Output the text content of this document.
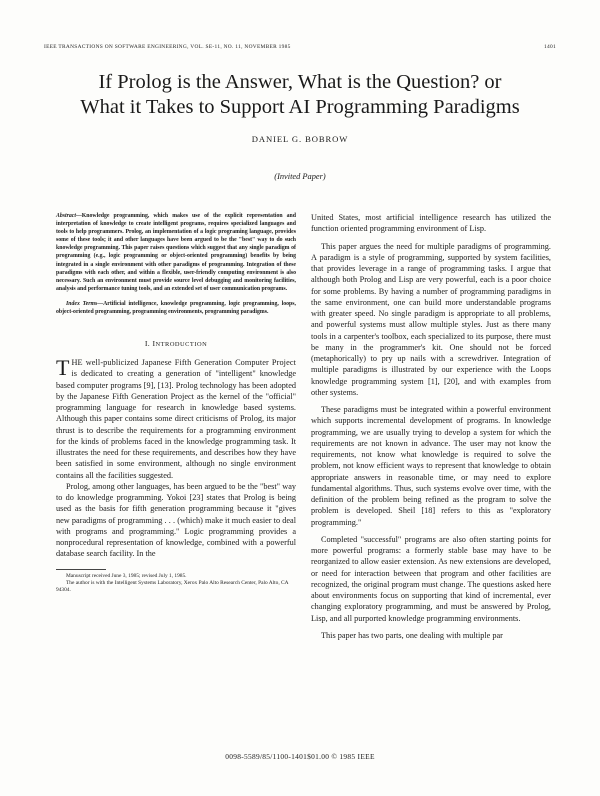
IEEE TRANSACTIONS ON SOFTWARE ENGINEERING, VOL. SE-11, NO. 11, NOVEMBER 1985	1401
If Prolog is the Answer, What is the Question? or
What it Takes to Support AI Programming Paradigms
DANIEL G. BOBROW
(Invited Paper)

Abstract—Knowledge programming, which makes use of the explicit representation and interpretation of knowledge to create intelligent programs, requires specialized languages and tools to help programmers. Prolog, an implementation of a logic programing language, provides some of these tools; it and other languages have been argued to be the "best" way to do such knowledge programming. This paper raises questions which suggest that any single paradigm of programming (e.g., logic programming or object-oriented programming) benefits by being integrated in a single environment with other paradigms of programming. Integration of these paradigms with each other, and within a flexible, user-friendly computing environment is also necessary. Such an environment must provide source level debugging and monitoring facilities, analysis and performance tuning tools, and an extended set of user communication programs.

Index Terms—Artificial intelligence, knowledge programming, logic programming, loops, object-oriented programming, programming environments, programming paradigms.

I. INTRODUCTION

THE well-publicized Japanese Fifth Generation Computer Project is dedicated to creating a generation of "intelligent" knowledge based computer programs [9], [13]. Prolog technology has been adopted by the Japanese Fifth Generation Project as the kernel of the "official" programming language for research in knowledge based systems. Although this paper contains some direct criticisms of Prolog, its major thrust is to describe the requirements for a programming environment for the kinds of problems faced in the knowledge programming task. It illustrates the need for these requirements, and describes how they have been satisfied in some environment, although no single environment contains all the facilities suggested.

Prolog, among other languages, has been argued to be the "best" way to do knowledge programming. Yokoi [23] states that Prolog is being used as the basis for fifth generation programming because it "gives new paradigms of programming . . . (which) make it much easier to deal with programs and programming." Logic programming provides a nonprocedural representation of knowledge, combined with a powerful database search facility. In the

Manuscript received June 3, 1985; revised July 1, 1985.

The author is with the Intelligent Systems Laboratory, Xerox Palo Alto Research Center, Palo Alto, CA 94304.

United States, most artificial intelligence research has utilized the function oriented programming environment of Lisp.

This paper argues the need for multiple paradigms of programming. A paradigm is a style of programming, supported by system facilities, that provides leverage in a range of programming tasks. I argue that although both Prolog and Lisp are very powerful, each is a poor choice for some problems. By having a number of programming paradigms in the same environment, one can build more understandable programs with greater speed. No single paradigm is appropriate to all problems, and powerful systems must allow multiple styles. Just as there many tools in a carpenter's toolbox, each specialized to its purpose, there must be many in the programmer's kit. One should not be forced (metaphorically) to pry up nails with a screwdriver. Integration of multiple paradigms is illustrated by our experience with the Loops knowledge programming system [1], [20], and with examples from other systems.

These paradigms must be integrated within a powerful environment which supports incremental development of programs. In knowledge programming, we are usually trying to develop a system for which the requirements are not known in advance. The user may not know the requirements, not know what knowledge is required to solve the problem, not know efficient ways to represent that knowledge to obtain appropriate answers in reasonable time, or may need to explore fundamental algorithms. Thus, such systems evolve over time, with the definition of the problem being refined as the program to solve the problem is developed. Sheil [18] refers to this as "exploratory programming."

Completed "successful" programs are also often starting points for more powerful programs: a formerly stable base may have to be reorganized to allow easier extension. As new extensions are developed, or need for interaction between that program and other facilities are recognized, the original program must change. The questions asked here about environments focus on supporting that kind of incremental, ever changing exploratory programming, and must be answered by Prolog, Lisp, and all purported knowledge programming environments.

This paper has two parts, one dealing with multiple par

0098-5589/85/1100-1401$01.00 © 1985 IEEE
